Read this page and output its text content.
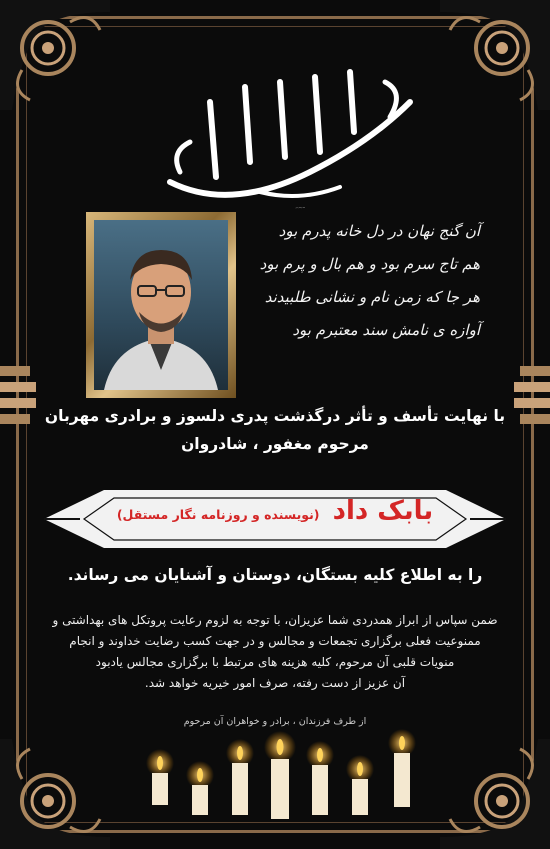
انا لله و انا الیه راجعون
آن گنج نهان در دل خانه پدرم بود
هم تاج سرم بود و هم بال و پرم بود
هر جا که زمن نام و نشانی طلبیدند
آوازه ی نامش سند معتبرم بود
با نهایت تأسف و تأثر درگذشت پدری دلسوز و برادری مهربان
مرحوم مغفور ، شادروان
بابک داد (نویسنده و روزنامه نگار مستقل)
را به اطلاع کلیه بستگان، دوستان و آشنایان می رساند.
ضمن سپاس از ابراز همدردی شما عزیزان، با توجه به لزوم رعایت پروتکل های بهداشتی و
ممنوعیت فعلی برگزاری تجمعات و مجالس و در جهت کسب رضایت خداوند و انجام
منویات قلبی آن مرحوم، کلیه هزینه های مرتبط با برگزاری مجالس یادبود
آن عزیز از دست رفته، صرف امور خیریه خواهد شد.
از طرف فرزندان ، برادر و خواهران آن مرحوم
